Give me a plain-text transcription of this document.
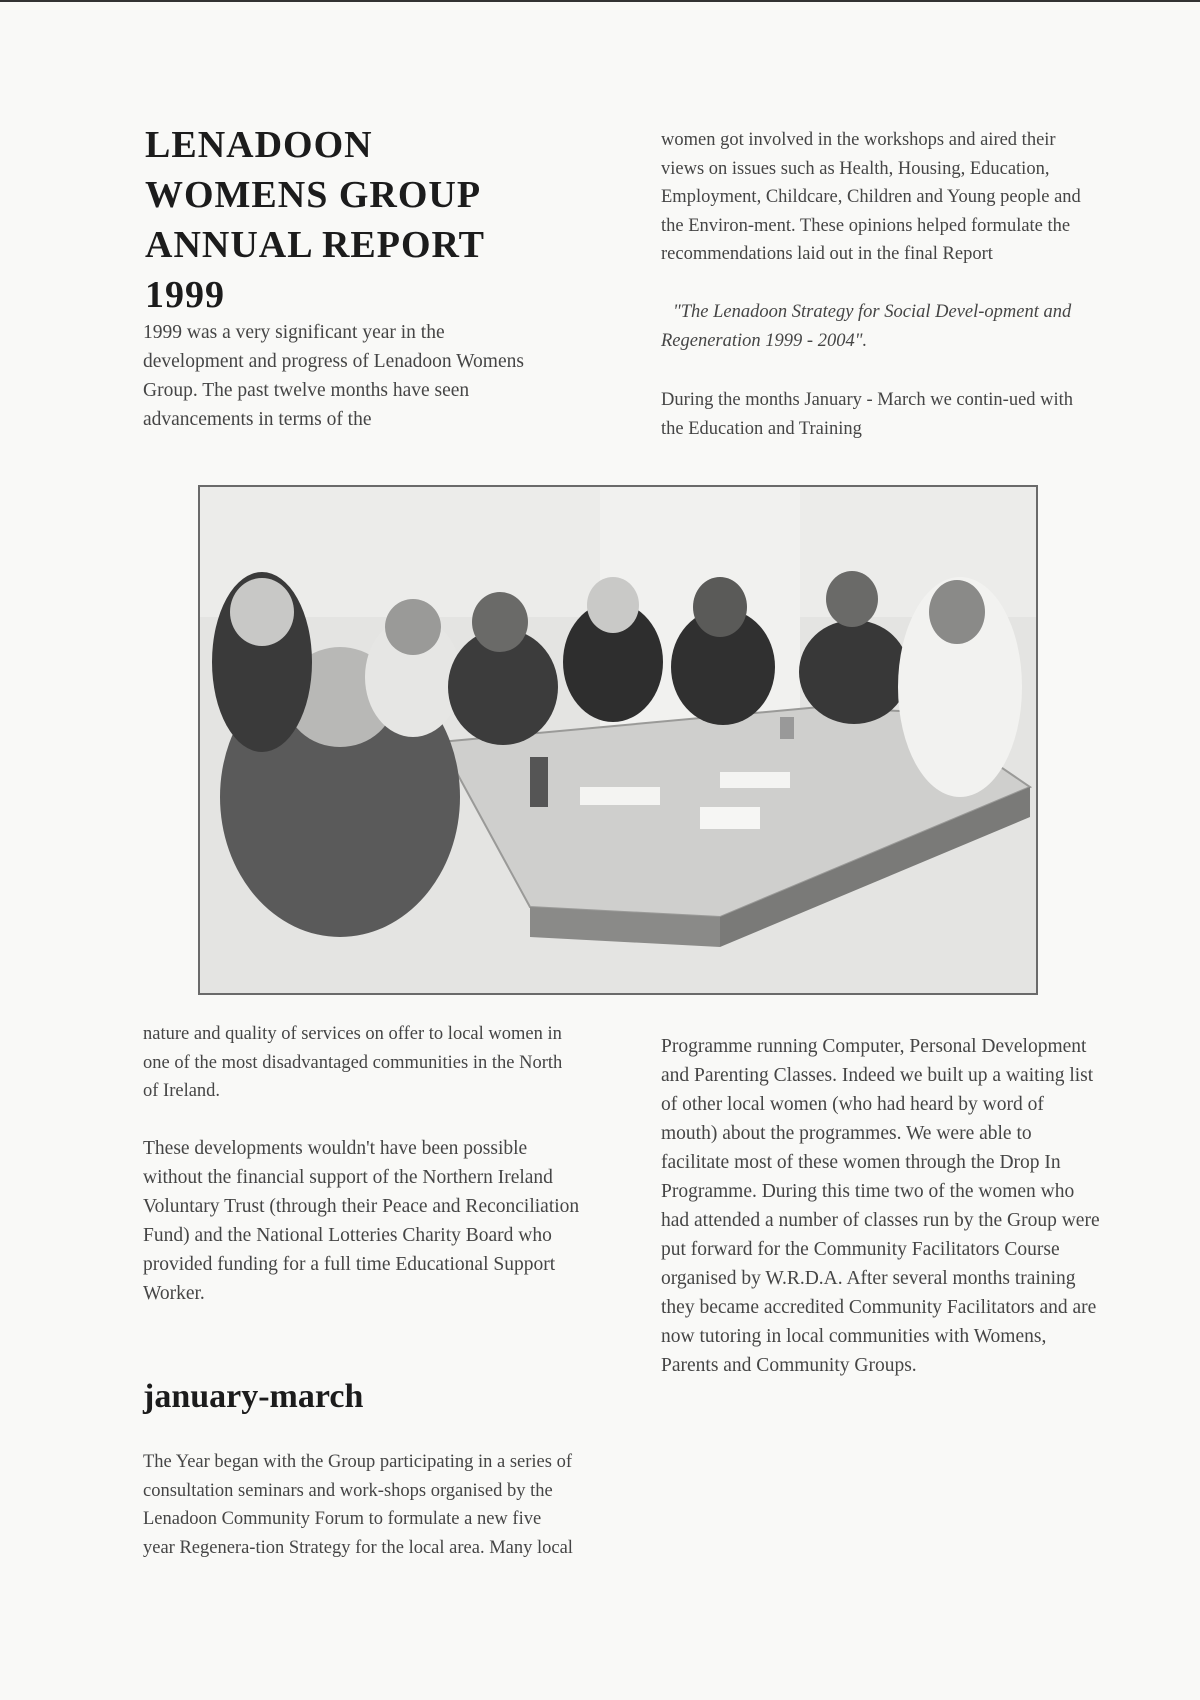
LENADOON
WOMENS GROUP
ANNUAL REPORT
1999

1999 was a very significant year in the development and progress of Lenadoon Womens Group. The past twelve months have seen advancements in terms of the

women got involved in the workshops and aired their views on issues such as Health, Housing, Education, Employment, Childcare, Children and Young people and the Environ-ment. These opinions helped formulate the recommendations laid out in the final Report

"The Lenadoon Strategy for Social Devel-opment and Regeneration 1999 - 2004".

During the months January - March we contin-ued with the Education and Training

nature and quality of services on offer to local women in one of the most disadvantaged communities in the North of Ireland.

These developments wouldn't have been possible without the financial support of the Northern Ireland Voluntary Trust (through their Peace and Reconciliation Fund) and the National Lotteries Charity Board who provided funding for a full time Educational Support Worker.

january-march

The Year began with the Group participating in a series of consultation seminars and work-shops organised by the Lenadoon Community Forum to formulate a new five year Regenera-tion Strategy for the local area. Many local

Programme running Computer, Personal Development and Parenting Classes. Indeed we built up a waiting list of other local women (who had heard by word of mouth) about the programmes. We were able to facilitate most of these women through the Drop In Programme. During this time two of the women who had attended a number of classes run by the Group were put forward for the Community Facilitators Course organised by W.R.D.A. After several months training they became accredited Community Facilitators and are now tutoring in local communities with Womens, Parents and Community Groups.
